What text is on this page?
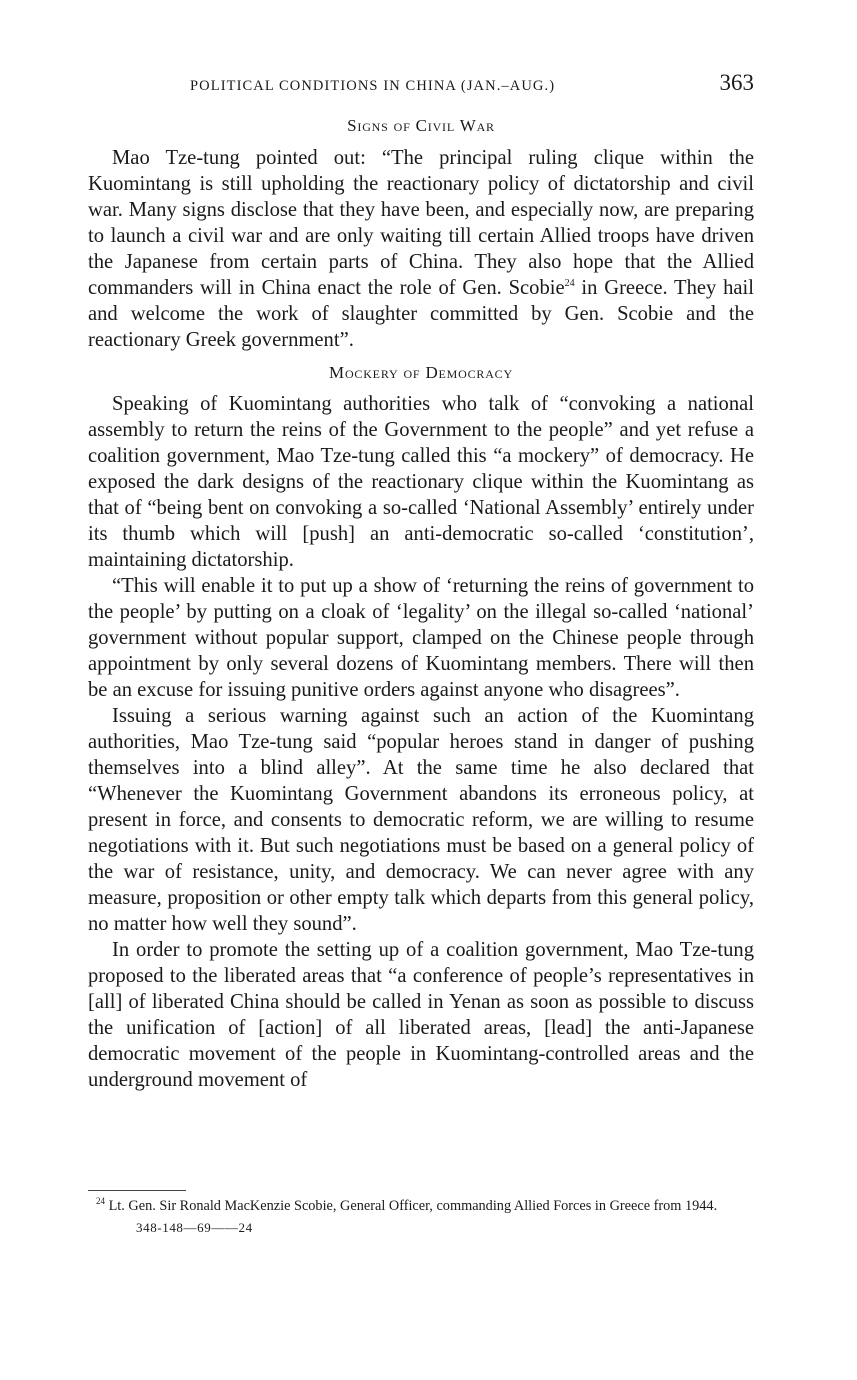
POLITICAL CONDITIONS IN CHINA (JAN.–AUG.)	363
Signs of Civil War

Mao Tze-tung pointed out: “The principal ruling clique within the Kuomintang is still upholding the reactionary policy of dictatorship and civil war. Many signs disclose that they have been, and especially now, are preparing to launch a civil war and are only waiting till certain Allied troops have driven the Japanese from certain parts of China. They also hope that the Allied commanders will in China enact the role of Gen. Scobie$^{24}$ in Greece. They hail and welcome the work of slaughter committed by Gen. Scobie and the reactionary Greek government”.

Mockery of Democracy

Speaking of Kuomintang authorities who talk of “convoking a national assembly to return the reins of the Government to the people” and yet refuse a coalition government, Mao Tze-tung called this “a mockery” of democracy. He exposed the dark designs of the reactionary clique within the Kuomintang as that of “being bent on convoking a so-called ‘National Assembly’ entirely under its thumb which will [push] an anti-democratic so-called ‘constitution’, maintaining dictatorship.

“This will enable it to put up a show of ‘returning the reins of government to the people’ by putting on a cloak of ‘legality’ on the illegal so-called ‘national’ government without popular support, clamped on the Chinese people through appointment by only several dozens of Kuomintang members. There will then be an excuse for issuing punitive orders against anyone who disagrees”.

Issuing a serious warning against such an action of the Kuomintang authorities, Mao Tze-tung said “popular heroes stand in danger of pushing themselves into a blind alley”. At the same time he also declared that “Whenever the Kuomintang Government abandons its erroneous policy, at present in force, and consents to democratic reform, we are willing to resume negotiations with it. But such negotiations must be based on a general policy of the war of resistance, unity, and democracy. We can never agree with any measure, proposition or other empty talk which departs from this general policy, no matter how well they sound”.

In order to promote the setting up of a coalition government, Mao Tze-tung proposed to the liberated areas that “a conference of people’s representatives in [all] of liberated China should be called in Yenan as soon as possible to discuss the unification of [action] of all liberated areas, [lead] the anti-Japanese democratic movement of the people in Kuomintang-controlled areas and the underground movement of

$^{24}$ Lt. Gen. Sir Ronald MacKenzie Scobie, General Officer, commanding Allied Forces in Greece from 1944.

348-148—69——24
